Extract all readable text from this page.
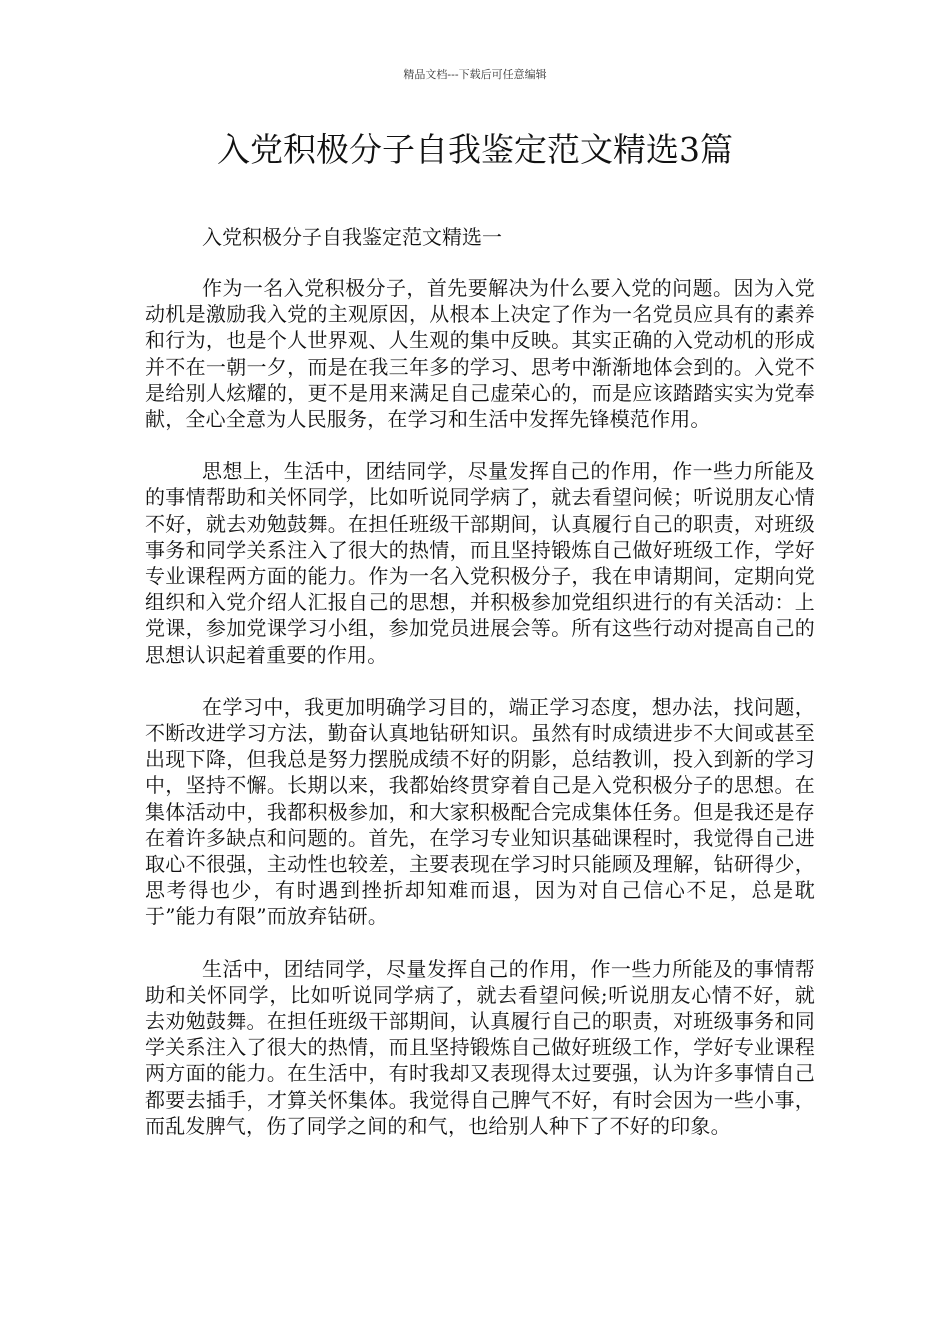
精品文档---下载后可任意编辑
入党积极分子自我鉴定范文精选3篇

入党积极分子自我鉴定范文精选一

作为一名入党积极分子，首先要解决为什么要入党的问题。因为入党动机是激励我入党的主观原因，从根本上决定了作为一名党员应具有的素养和行为，也是个人世界观、人生观的集中反映。其实正确的入党动机的形成并不在一朝一夕，而是在我三年多的学习、思考中渐渐地体会到的。入党不是给别人炫耀的，更不是用来满足自己虚荣心的，而是应该踏踏实实为党奉献，全心全意为人民服务，在学习和生活中发挥先锋模范作用。

思想上，生活中，团结同学，尽量发挥自己的作用，作一些力所能及的事情帮助和关怀同学，比如听说同学病了，就去看望问候；听说朋友心情不好，就去劝勉鼓舞。在担任班级干部期间，认真履行自己的职责，对班级事务和同学关系注入了很大的热情，而且坚持锻炼自己做好班级工作，学好专业课程两方面的能力。作为一名入党积极分子，我在申请期间，定期向党组织和入党介绍人汇报自己的思想，并积极参加党组织进行的有关活动：上党课，参加党课学习小组，参加党员进展会等。所有这些行动对提高自己的思想认识起着重要的作用。

在学习中，我更加明确学习目的，端正学习态度，想办法，找问题，不断改进学习方法，勤奋认真地钻研知识。虽然有时成绩进步不大间或甚至出现下降，但我总是努力摆脱成绩不好的阴影，总结教训，投入到新的学习中，坚持不懈。长期以来，我都始终贯穿着自己是入党积极分子的思想。在集体活动中，我都积极参加，和大家积极配合完成集体任务。但是我还是存在着许多缺点和问题的。首先，在学习专业知识基础课程时，我觉得自己进取心不很强，主动性也较差，主要表现在学习时只能顾及理解，钻研得少，思考得也少，有时遇到挫折却知难而退，因为对自己信心不足，总是耽于”能力有限”而放弃钻研。

生活中，团结同学，尽量发挥自己的作用，作一些力所能及的事情帮助和关怀同学，比如听说同学病了，就去看望问候;听说朋友心情不好，就去劝勉鼓舞。在担任班级干部期间，认真履行自己的职责，对班级事务和同学关系注入了很大的热情，而且坚持锻炼自己做好班级工作，学好专业课程两方面的能力。在生活中，有时我却又表现得太过要强，认为许多事情自己都要去插手，才算关怀集体。我觉得自己脾气不好，有时会因为一些小事，而乱发脾气，伤了同学之间的和气，也给别人种下了不好的印象。
